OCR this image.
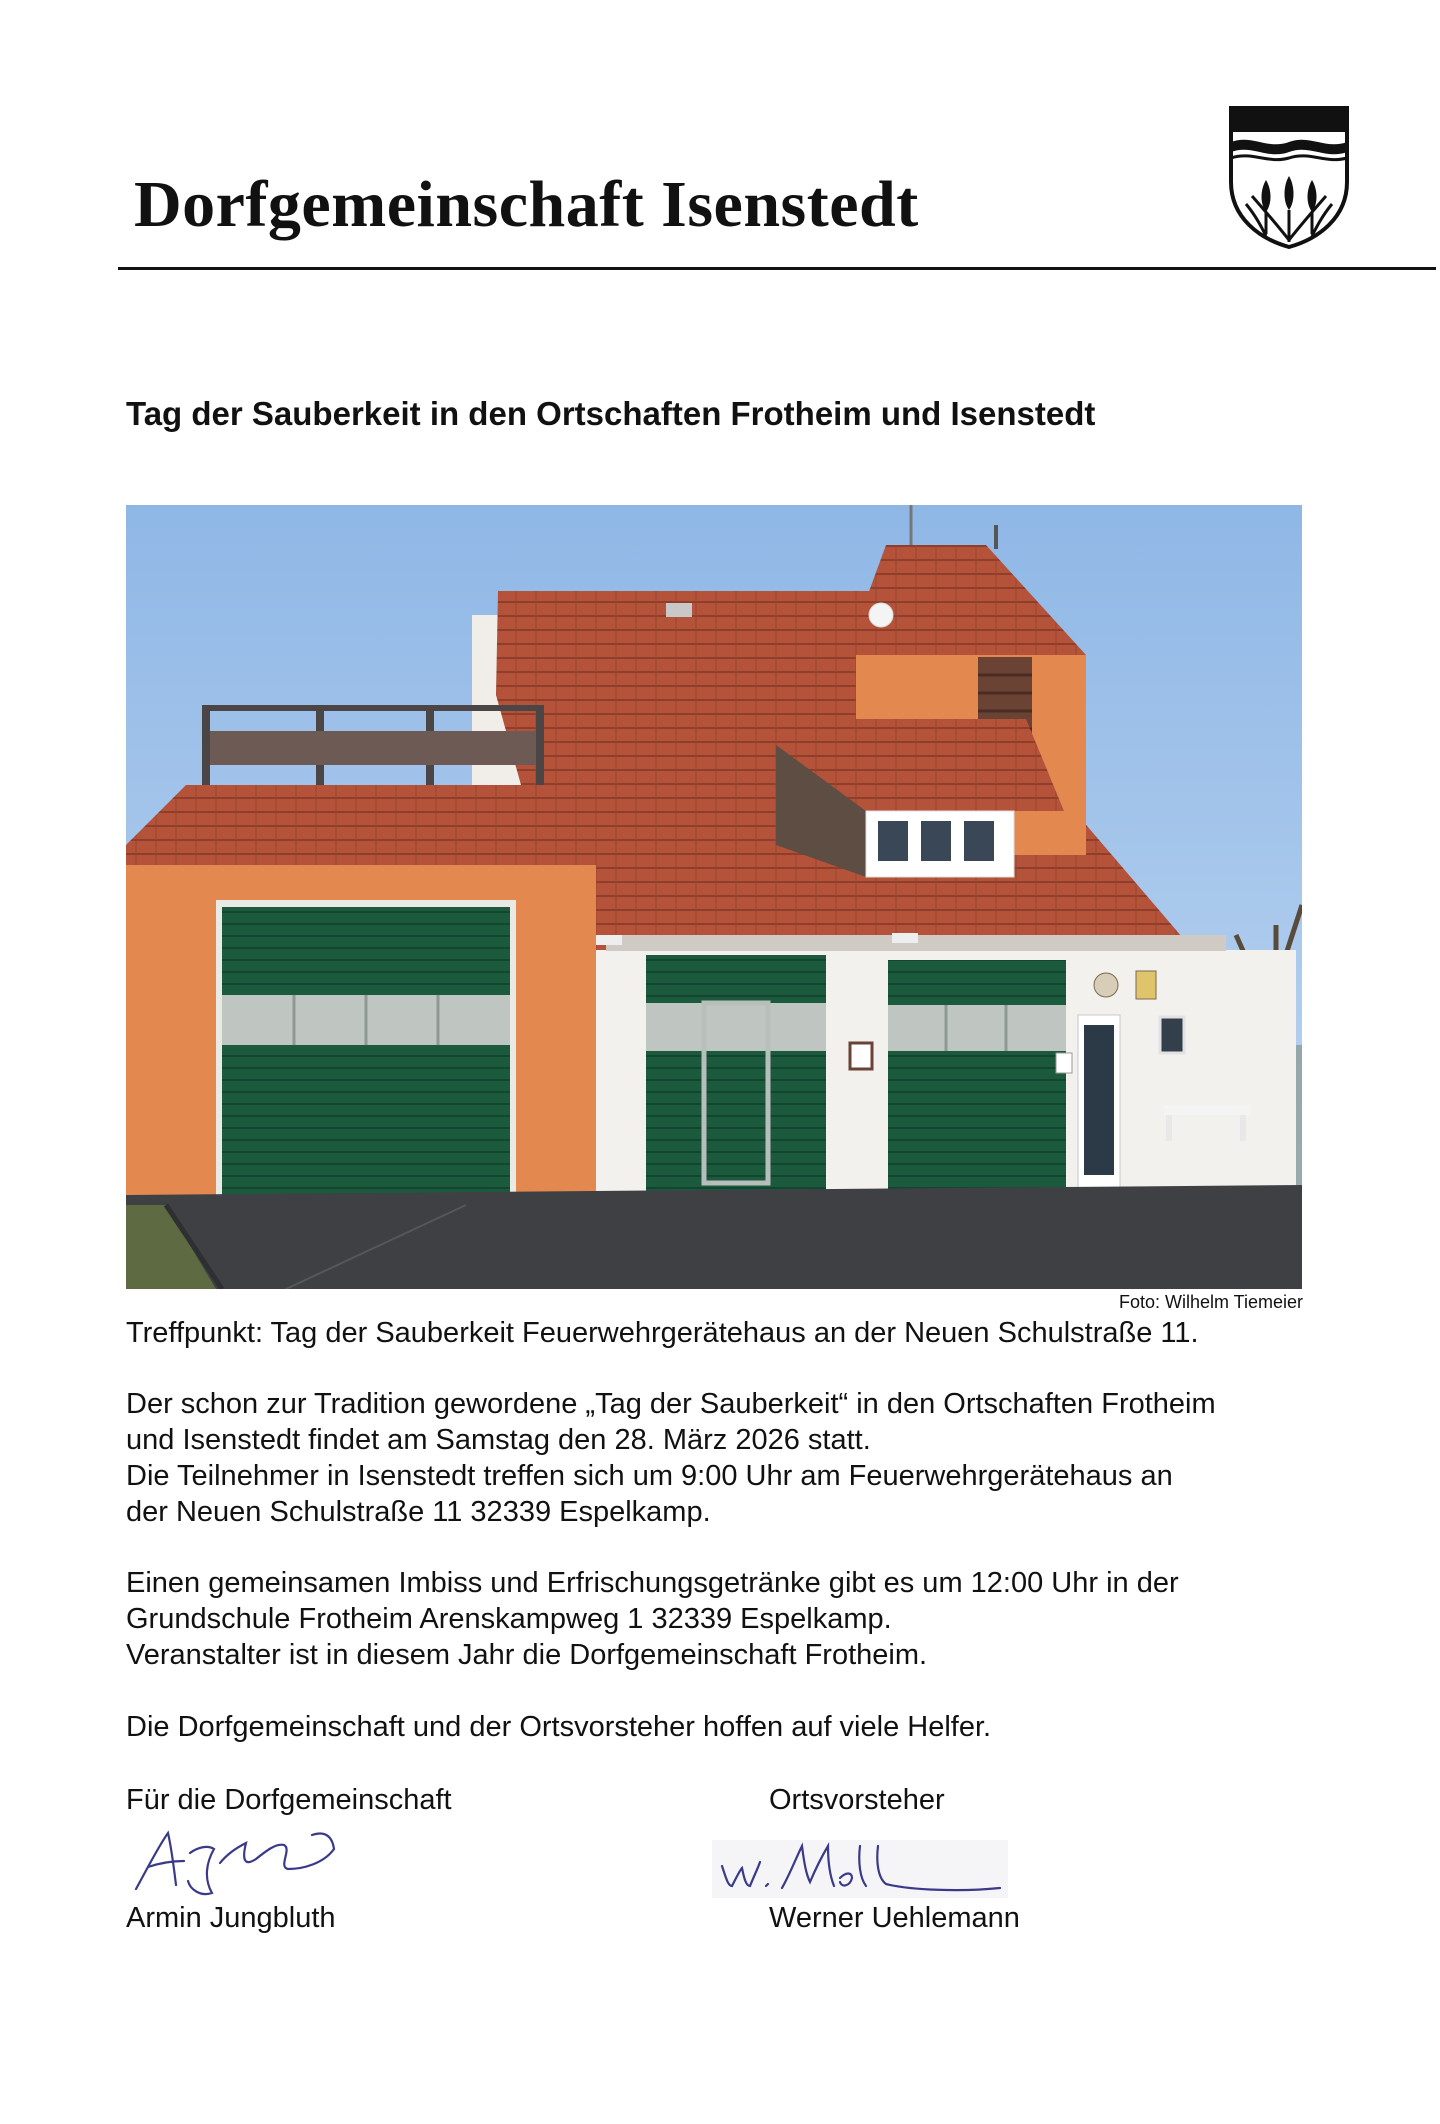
Dorfgemeinschaft Isenstedt
Tag der Sauberkeit in den Ortschaften Frotheim und Isenstedt
Foto: Wilhelm Tiemeier
Treffpunkt: Tag der Sauberkeit Feuerwehrgerätehaus an der Neuen Schulstraße 11.

Der schon zur Tradition gewordene „Tag der Sauberkeit“ in den Ortschaften Frotheim
und Isenstedt findet am Samstag den 28. März 2026 statt.
Die Teilnehmer in Isenstedt treffen sich um 9:00 Uhr am Feuerwehrgerätehaus an
der Neuen Schulstraße 11 32339 Espelkamp.

Einen gemeinsamen Imbiss und Erfrischungsgetränke gibt es um 12:00 Uhr in der
Grundschule Frotheim Arenskampweg 1 32339 Espelkamp.
Veranstalter ist in diesem Jahr die Dorfgemeinschaft Frotheim.

Die Dorfgemeinschaft und der Ortsvorsteher hoffen auf viele Helfer.

Für die Dorfgemeinschaft	Ortsvorsteher
Armin Jungbluth	Werner Uehlemann
